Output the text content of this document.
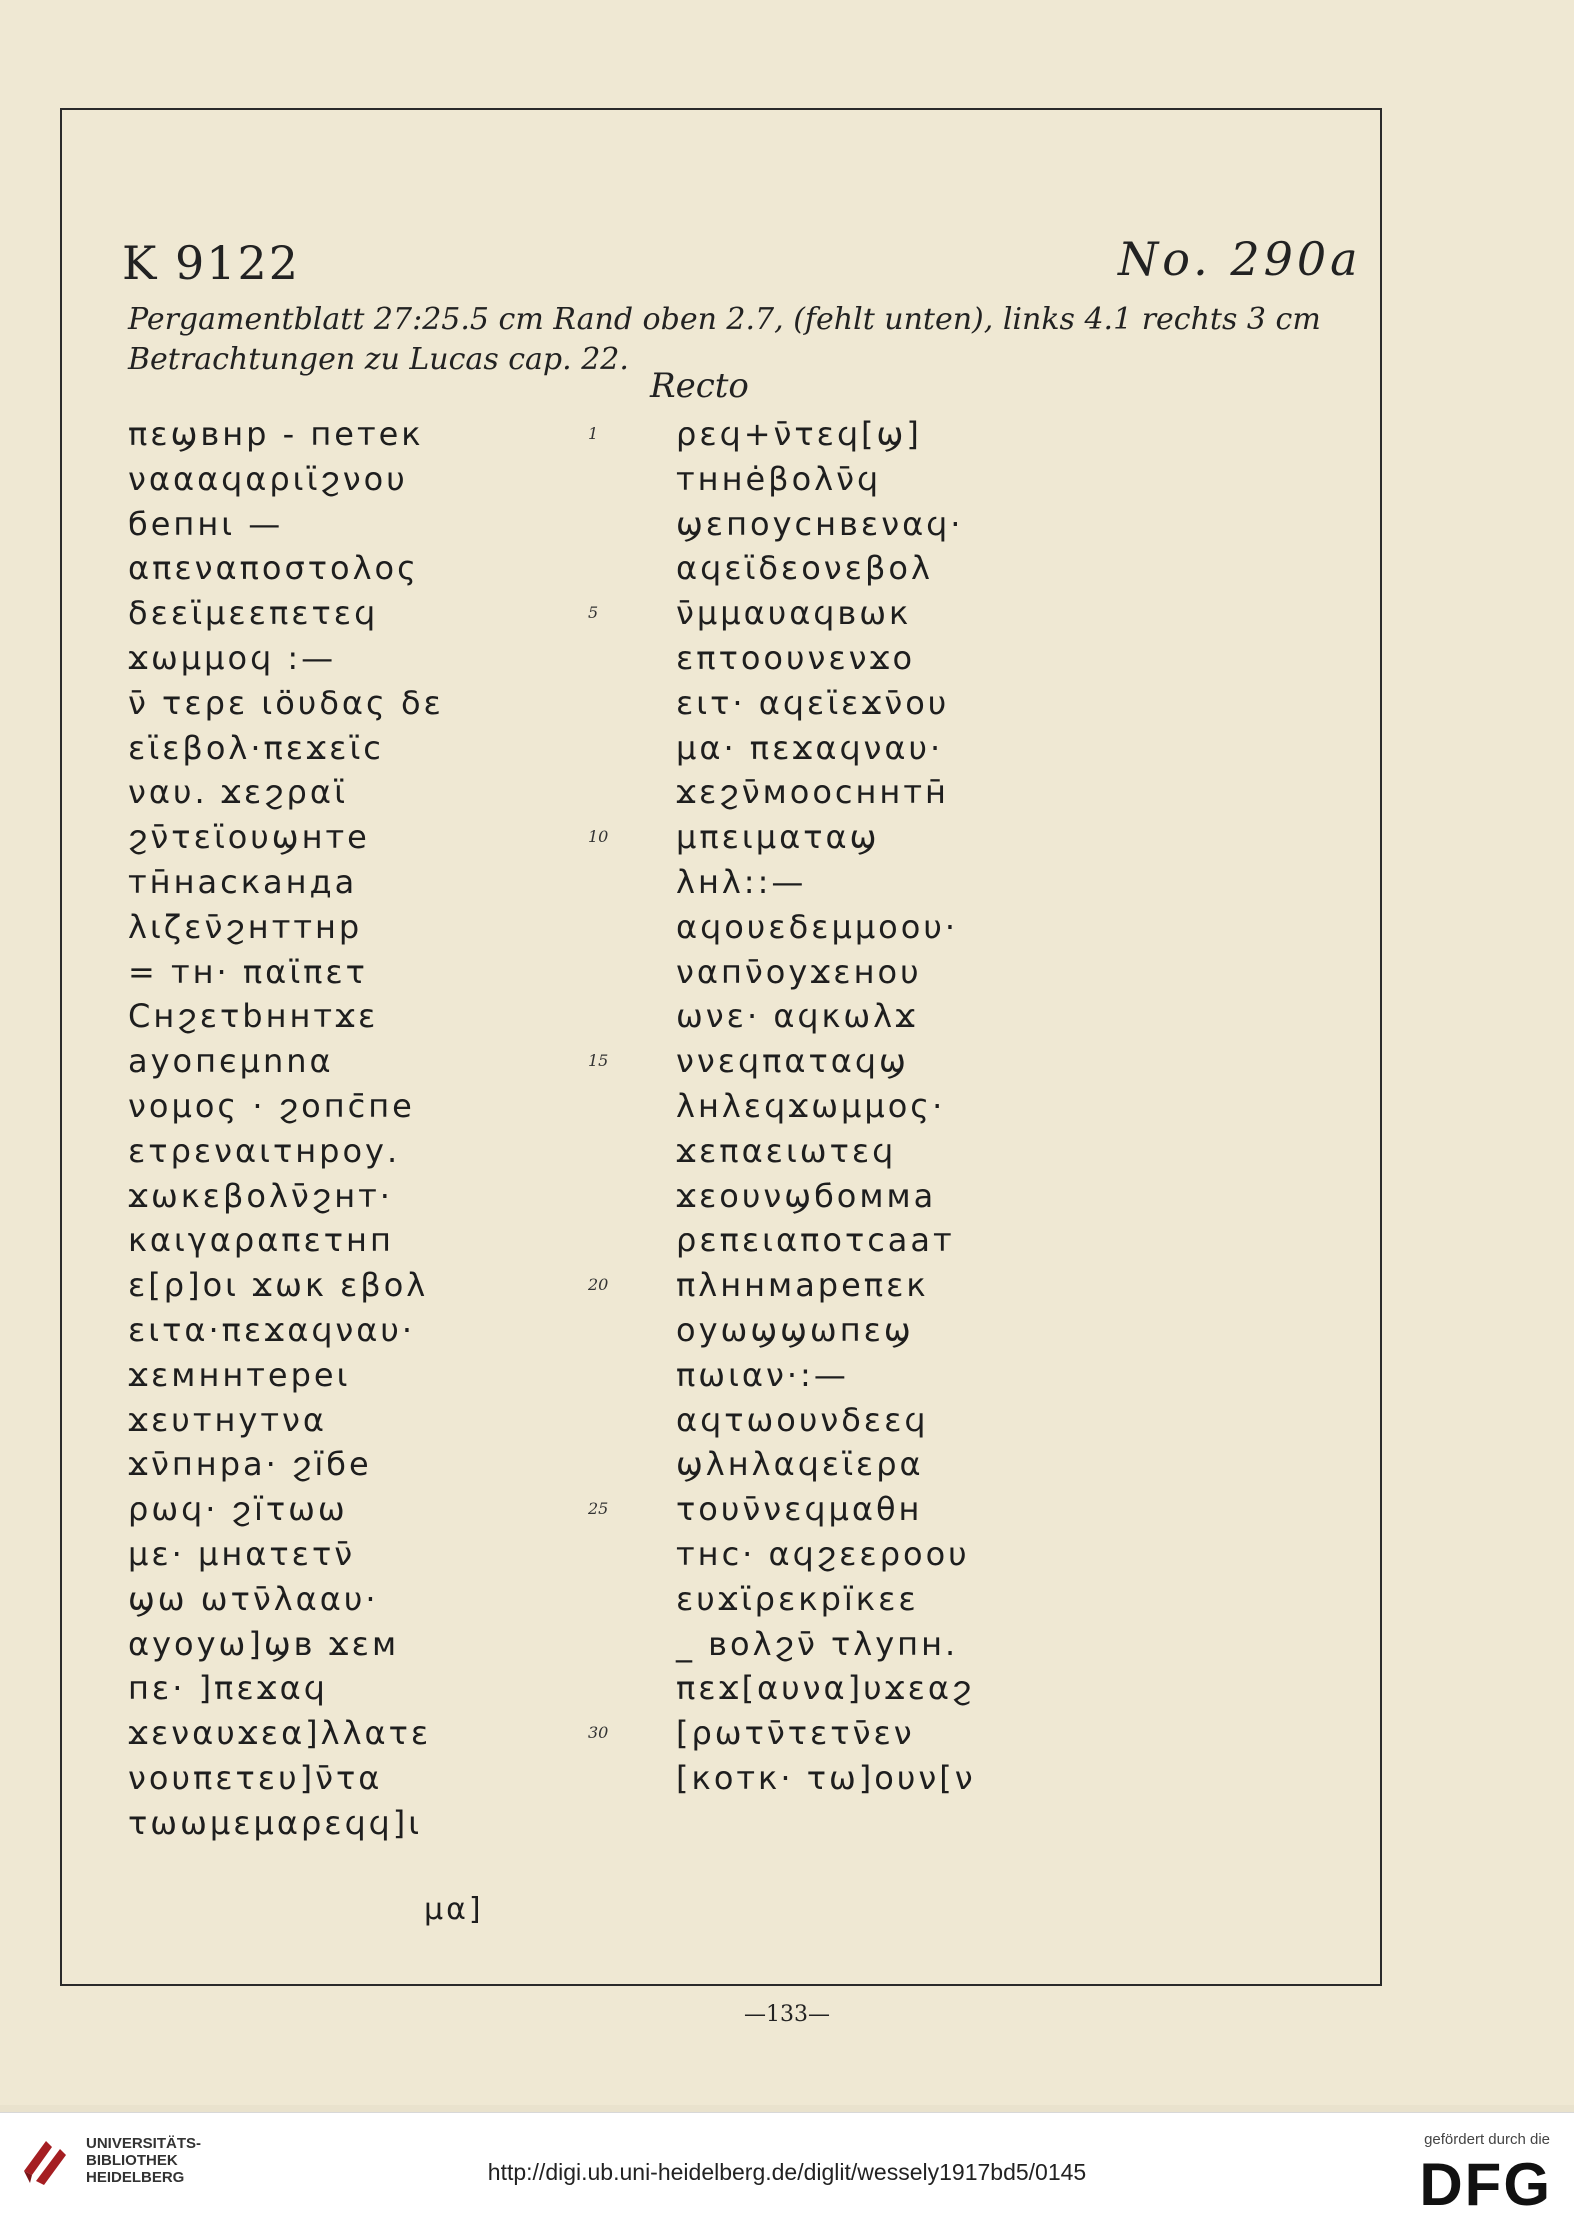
K 9122	No. 290a
Pergamentblatt 27:25.5 cm Rand oben 2.7, (fehlt unten), links 4.1 rechts 3 cm
Betrachtungen zu Lucas cap. 22.
Recto
πεϣвнр - петек
ναααϥαριϊϩνου
бепнι —
απεναποστολος
δεεϊμεεπετεϥ
ϫωμμοϥ :—
ν̄ τερε ιο̈υδας δε
εϊεβολ·πεϫεϊс
ναυ. ϫεϩραϊ
ϩν̄τεϊουϣнте
тн̄наскандa
λιζεν̄ϩнттнр
= тн· παϊπετ
Снϩετbннтϫε
ауопєμnnα
νομος · ϩопс̄пе
ετρεναιτнроу.
ϫωκεβολν̄ϩнт·
καιγαραπετнп
ε[ρ]οι ϫωκ εβολ
ειτα·πεϫαϥναυ·
ϫεмннтереι
ϫευтнутνα
ϫν̄пнра· ϩїбе
ρωϥ· ϩїτωω
με· μнατετν̄
ϣω ωτν̄λααυ·
αуоуω]ϣв ϫεм
пε· ]πεϫαϥ
ϫεναυϫεα]λλατε
νουπετευ]ν̄τα
τωωμεμαρεϥϥ]ι
1
5
10
15
20
25
30
ρεϥ+ν̄τεϥ[ϣ]
тнне̇βολν̄ϥ
ϣεпоуснвεναϥ·
αϥεϊδεονεβολ
ν̄μμαυαϥвωк
επτοουνενϫο
ειτ· αϥεϊεϫν̄ου
μα· πεϫαϥναυ·
ϫεϩν̄моосннтн̄
μπειματαϣ
λнλ::—
αϥουεδεμμοου·
ναпν̄оуϫεнου
ωνε· αϥκωλϫ
ννεϥπαταϥϣ
λнλεϥϫωμμος·
ϫεπαειωτεϥ
ϫεουνϣбомма
ρεπειαποτсаат
πλннмареπεк
оуωϣϣωпεϣ
πωιαν·:—
αϥτωουνδεεϥ
ϣλнλαϥεϊερα
τουν̄νεϥμαθн
тнс· αϥϩεεροου
ευϫϊρεкрїкεε
_ воλϩν̄ τλупн.
πεϫ[αυνα]υϫεαϩ
[ρωτν̄τετν̄εν
[котк· τω]ουν[ν
μα]
—133—
UNIVERSITÄTS-
BIBLIOTHEK
HEIDELBERG	http://digi.ub.uni-heidelberg.de/diglit/wessely1917bd5/0145
gefördert durch die
DFG
